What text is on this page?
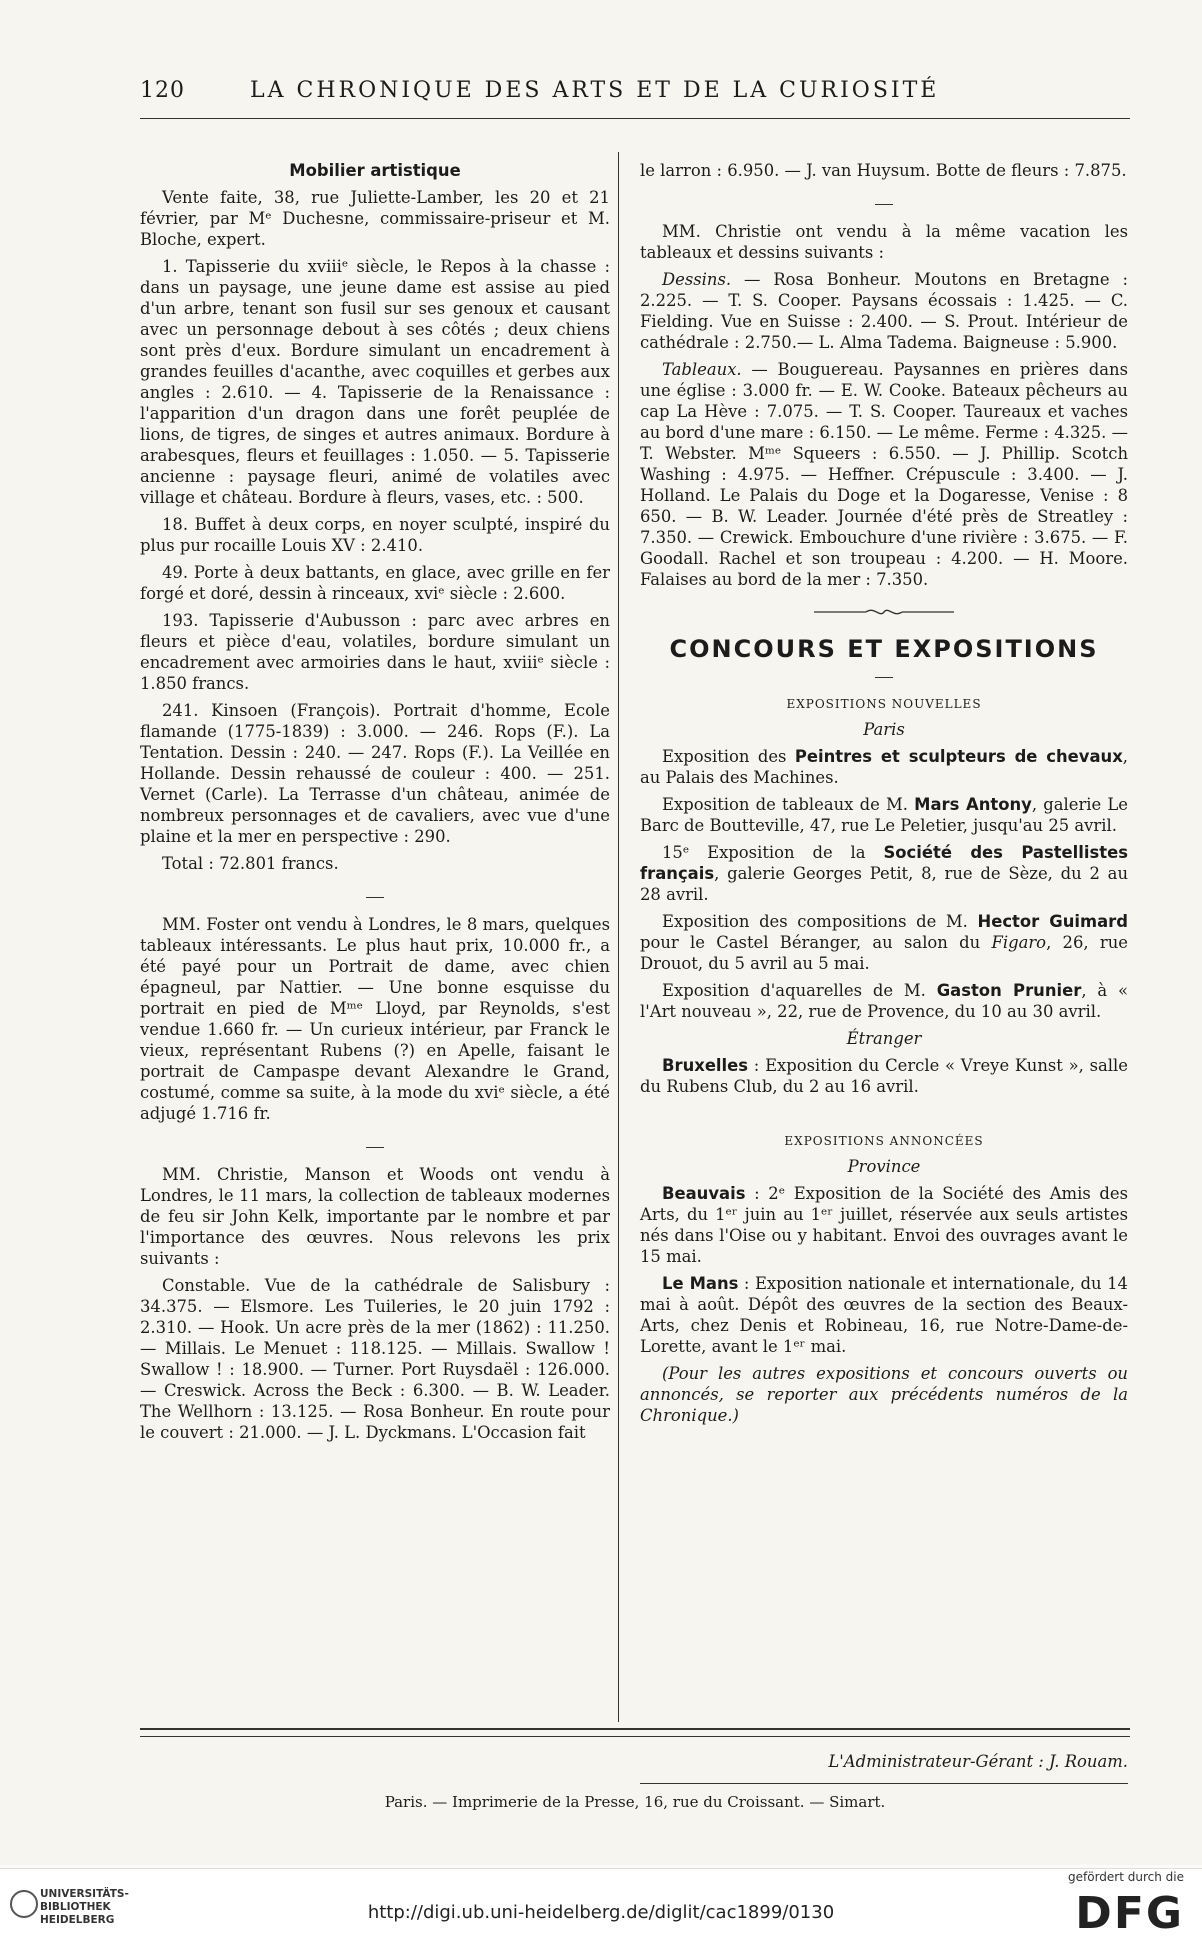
120	LA CHRONIQUE DES ARTS ET DE LA CURIOSITÉ

Mobilier artistique

Vente faite, 38, rue Juliette-Lamber, les 20 et 21 février, par Mᵉ Duchesne, commissaire-priseur et M. Bloche, expert.

1. Tapisserie du xviiiᵉ siècle, le Repos à la chasse : dans un paysage, une jeune dame est assise au pied d'un arbre, tenant son fusil sur ses genoux et causant avec un personnage debout à ses côtés ; deux chiens sont près d'eux. Bordure simulant un encadrement à grandes feuilles d'acanthe, avec coquilles et gerbes aux angles : 2.610. — 4. Tapisserie de la Renaissance : l'apparition d'un dragon dans une forêt peuplée de lions, de tigres, de singes et autres animaux. Bordure à arabesques, fleurs et feuillages : 1.050. — 5. Tapisserie ancienne : paysage fleuri, animé de volatiles avec village et château. Bordure à fleurs, vases, etc. : 500.

18. Buffet à deux corps, en noyer sculpté, inspiré du plus pur rocaille Louis XV : 2.410.

49. Porte à deux battants, en glace, avec grille en fer forgé et doré, dessin à rinceaux, xviᵉ siècle : 2.600.

193. Tapisserie d'Aubusson : parc avec arbres en fleurs et pièce d'eau, volatiles, bordure simulant un encadrement avec armoiries dans le haut, xviiiᵉ siècle : 1.850 francs.

241. Kinsoen (François). Portrait d'homme, Ecole flamande (1775-1839) : 3.000. — 246. Rops (F.). La Tentation. Dessin : 240. — 247. Rops (F.). La Veillée en Hollande. Dessin rehaussé de couleur : 400. — 251. Vernet (Carle). La Terrasse d'un château, animée de nombreux personnages et de cavaliers, avec vue d'une plaine et la mer en perspective : 290.

Total : 72.801 francs.

MM. Foster ont vendu à Londres, le 8 mars, quelques tableaux intéressants. Le plus haut prix, 10.000 fr., a été payé pour un Portrait de dame, avec chien épagneul, par Nattier. — Une bonne esquisse du portrait en pied de Mᵐᵉ Lloyd, par Reynolds, s'est vendue 1.660 fr. — Un curieux intérieur, par Franck le vieux, représentant Rubens (?) en Apelle, faisant le portrait de Campaspe devant Alexandre le Grand, costumé, comme sa suite, à la mode du xviᵉ siècle, a été adjugé 1.716 fr.

MM. Christie, Manson et Woods ont vendu à Londres, le 11 mars, la collection de tableaux modernes de feu sir John Kelk, importante par le nombre et par l'importance des œuvres. Nous relevons les prix suivants :

Constable. Vue de la cathédrale de Salisbury : 34.375. — Elsmore. Les Tuileries, le 20 juin 1792 : 2.310. — Hook. Un acre près de la mer (1862) : 11.250. — Millais. Le Menuet : 118.125. — Millais. Swallow ! Swallow ! : 18.900. — Turner. Port Ruysdaël : 126.000. — Creswick. Across the Beck : 6.300. — B. W. Leader. The Wellhorn : 13.125. — Rosa Bonheur. En route pour le couvert : 21.000. — J. L. Dyckmans. L'Occasion fait

le larron : 6.950. — J. van Huysum. Botte de fleurs : 7.875.

MM. Christie ont vendu à la même vacation les tableaux et dessins suivants :

Dessins. — Rosa Bonheur. Moutons en Bretagne : 2.225. — T. S. Cooper. Paysans écossais : 1.425. — C. Fielding. Vue en Suisse : 2.400. — S. Prout. Intérieur de cathédrale : 2.750.— L. Alma Tadema. Baigneuse : 5.900.

Tableaux. — Bouguereau. Paysannes en prières dans une église : 3.000 fr. — E. W. Cooke. Bateaux pêcheurs au cap La Hève : 7.075. — T. S. Cooper. Taureaux et vaches au bord d'une mare : 6.150. — Le même. Ferme : 4.325. — T. Webster. Mᵐᵉ Squeers : 6.550. — J. Phillip. Scotch Washing : 4.975. — Heffner. Crépuscule : 3.400. — J. Holland. Le Palais du Doge et la Dogaresse, Venise : 8 650. — B. W. Leader. Journée d'été près de Streatley : 7.350. — Crewick. Embouchure d'une rivière : 3.675. — F. Goodall. Rachel et son troupeau : 4.200. — H. Moore. Falaises au bord de la mer : 7.350.

CONCOURS ET EXPOSITIONS

EXPOSITIONS NOUVELLES

Paris

Exposition des Peintres et sculpteurs de chevaux, au Palais des Machines.

Exposition de tableaux de M. Mars Antony, galerie Le Barc de Boutteville, 47, rue Le Peletier, jusqu'au 25 avril.

15ᵉ Exposition de la Société des Pastellistes français, galerie Georges Petit, 8, rue de Sèze, du 2 au 28 avril.

Exposition des compositions de M. Hector Guimard pour le Castel Béranger, au salon du Figaro, 26, rue Drouot, du 5 avril au 5 mai.

Exposition d'aquarelles de M. Gaston Prunier, à « l'Art nouveau », 22, rue de Provence, du 10 au 30 avril.

Étranger

Bruxelles : Exposition du Cercle « Vreye Kunst », salle du Rubens Club, du 2 au 16 avril.

EXPOSITIONS ANNONCÉES

Province

Beauvais : 2ᵉ Exposition de la Société des Amis des Arts, du 1ᵉʳ juin au 1ᵉʳ juillet, réservée aux seuls artistes nés dans l'Oise ou y habitant. Envoi des ouvrages avant le 15 mai.

Le Mans : Exposition nationale et internationale, du 14 mai à août. Dépôt des œuvres de la section des Beaux-Arts, chez Denis et Robineau, 16, rue Notre-Dame-de-Lorette, avant le 1ᵉʳ mai.

(Pour les autres expositions et concours ouverts ou annoncés, se reporter aux précédents numéros de la Chronique.)

L'Administrateur-Gérant : J. Rouam.
Paris. — Imprimerie de la Presse, 16, rue du Croissant. — Simart.
UNIVERSITÄTS-
BIBLIOTHEK
HEIDELBERG	http://digi.ub.uni-heidelberg.de/diglit/cac1899/0130
gefördert durch die
DFG
